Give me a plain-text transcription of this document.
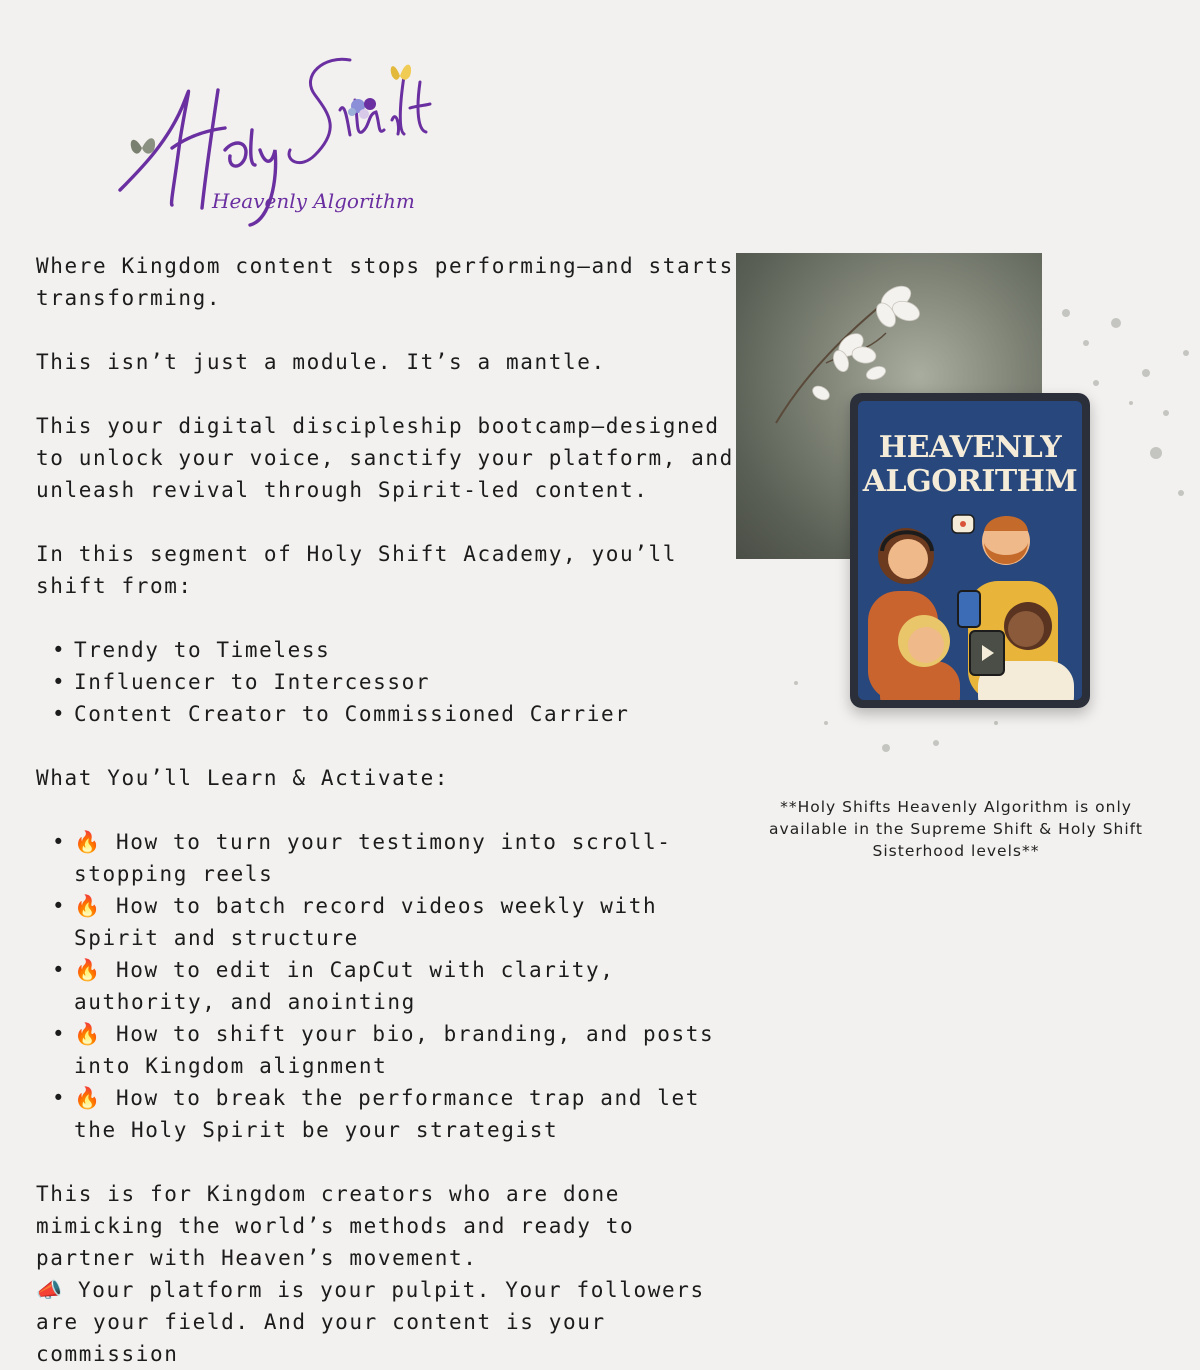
Heavenly Algorithm

Where Kingdom content stops performing—and starts transforming.

This isn’t just a module. It’s a mantle.

This your digital discipleship bootcamp—designed to unlock your voice, sanctify your platform, and unleash revival through Spirit-led content.

In this segment of Holy Shift Academy, you’ll shift from:

• Trendy to Timeless
• Influencer to Intercessor
• Content Creator to Commissioned Carrier

What You’ll Learn & Activate:

• 🔥 How to turn your testimony into scroll-stopping reels
• 🔥 How to batch record videos weekly with Spirit and structure
• 🔥 How to edit in CapCut with clarity, authority, and anointing
• 🔥 How to shift your bio, branding, and posts into Kingdom alignment
• 🔥 How to break the performance trap and let the Holy Spirit be your strategist

This is for Kingdom creators who are done mimicking the world’s methods and ready to partner with Heaven’s movement.

📣 Your platform is your pulpit. Your followers are your field. And your content is your commission

HEAVENLY
ALGORITHM
**Holy Shifts Heavenly Algorithm is only available in the Supreme Shift & Holy Shift Sisterhood levels**
